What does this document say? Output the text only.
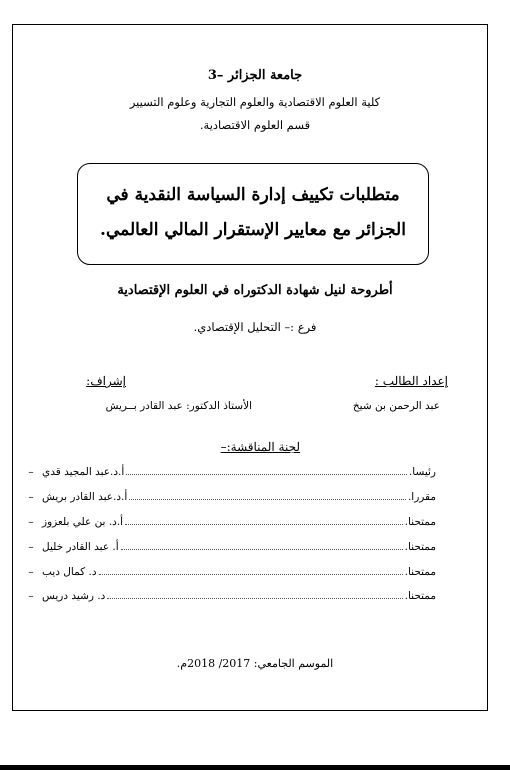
جامعة الجزائر –3
كلية العلوم الاقتصادية والعلوم التجارية وعلوم التسيير
قسم العلوم الاقتصادية.
متطلبات تكييف إدارة السياسة النقدية في
الجزائر مع معايير الإستقرار المالي العالمي.
أطروحة لنيل شهادة الدكتوراه في العلوم الإقتصادية
فرع :– التحليل الإقتصادي.
إعداد الطالب :
عبد الرحمن بن شيخ
إشراف:
الأستاذ الدكتور: عبد القادر بــريش
لجنة المناقشة:–
– أ.د.عبد المجيد قدي	رئيسا.
– أ.د.عبد القادر بريش	مقررا.
– أ.د. بن علي بلعزوز	ممتحنا.
– أ. عبد القادر خليل	ممتحنا.
– د. كمال ديب	ممتحنا.
– د. رشيد دريس	ممتحنا.
الموسم الجامعي: 2017/ 2018م.
